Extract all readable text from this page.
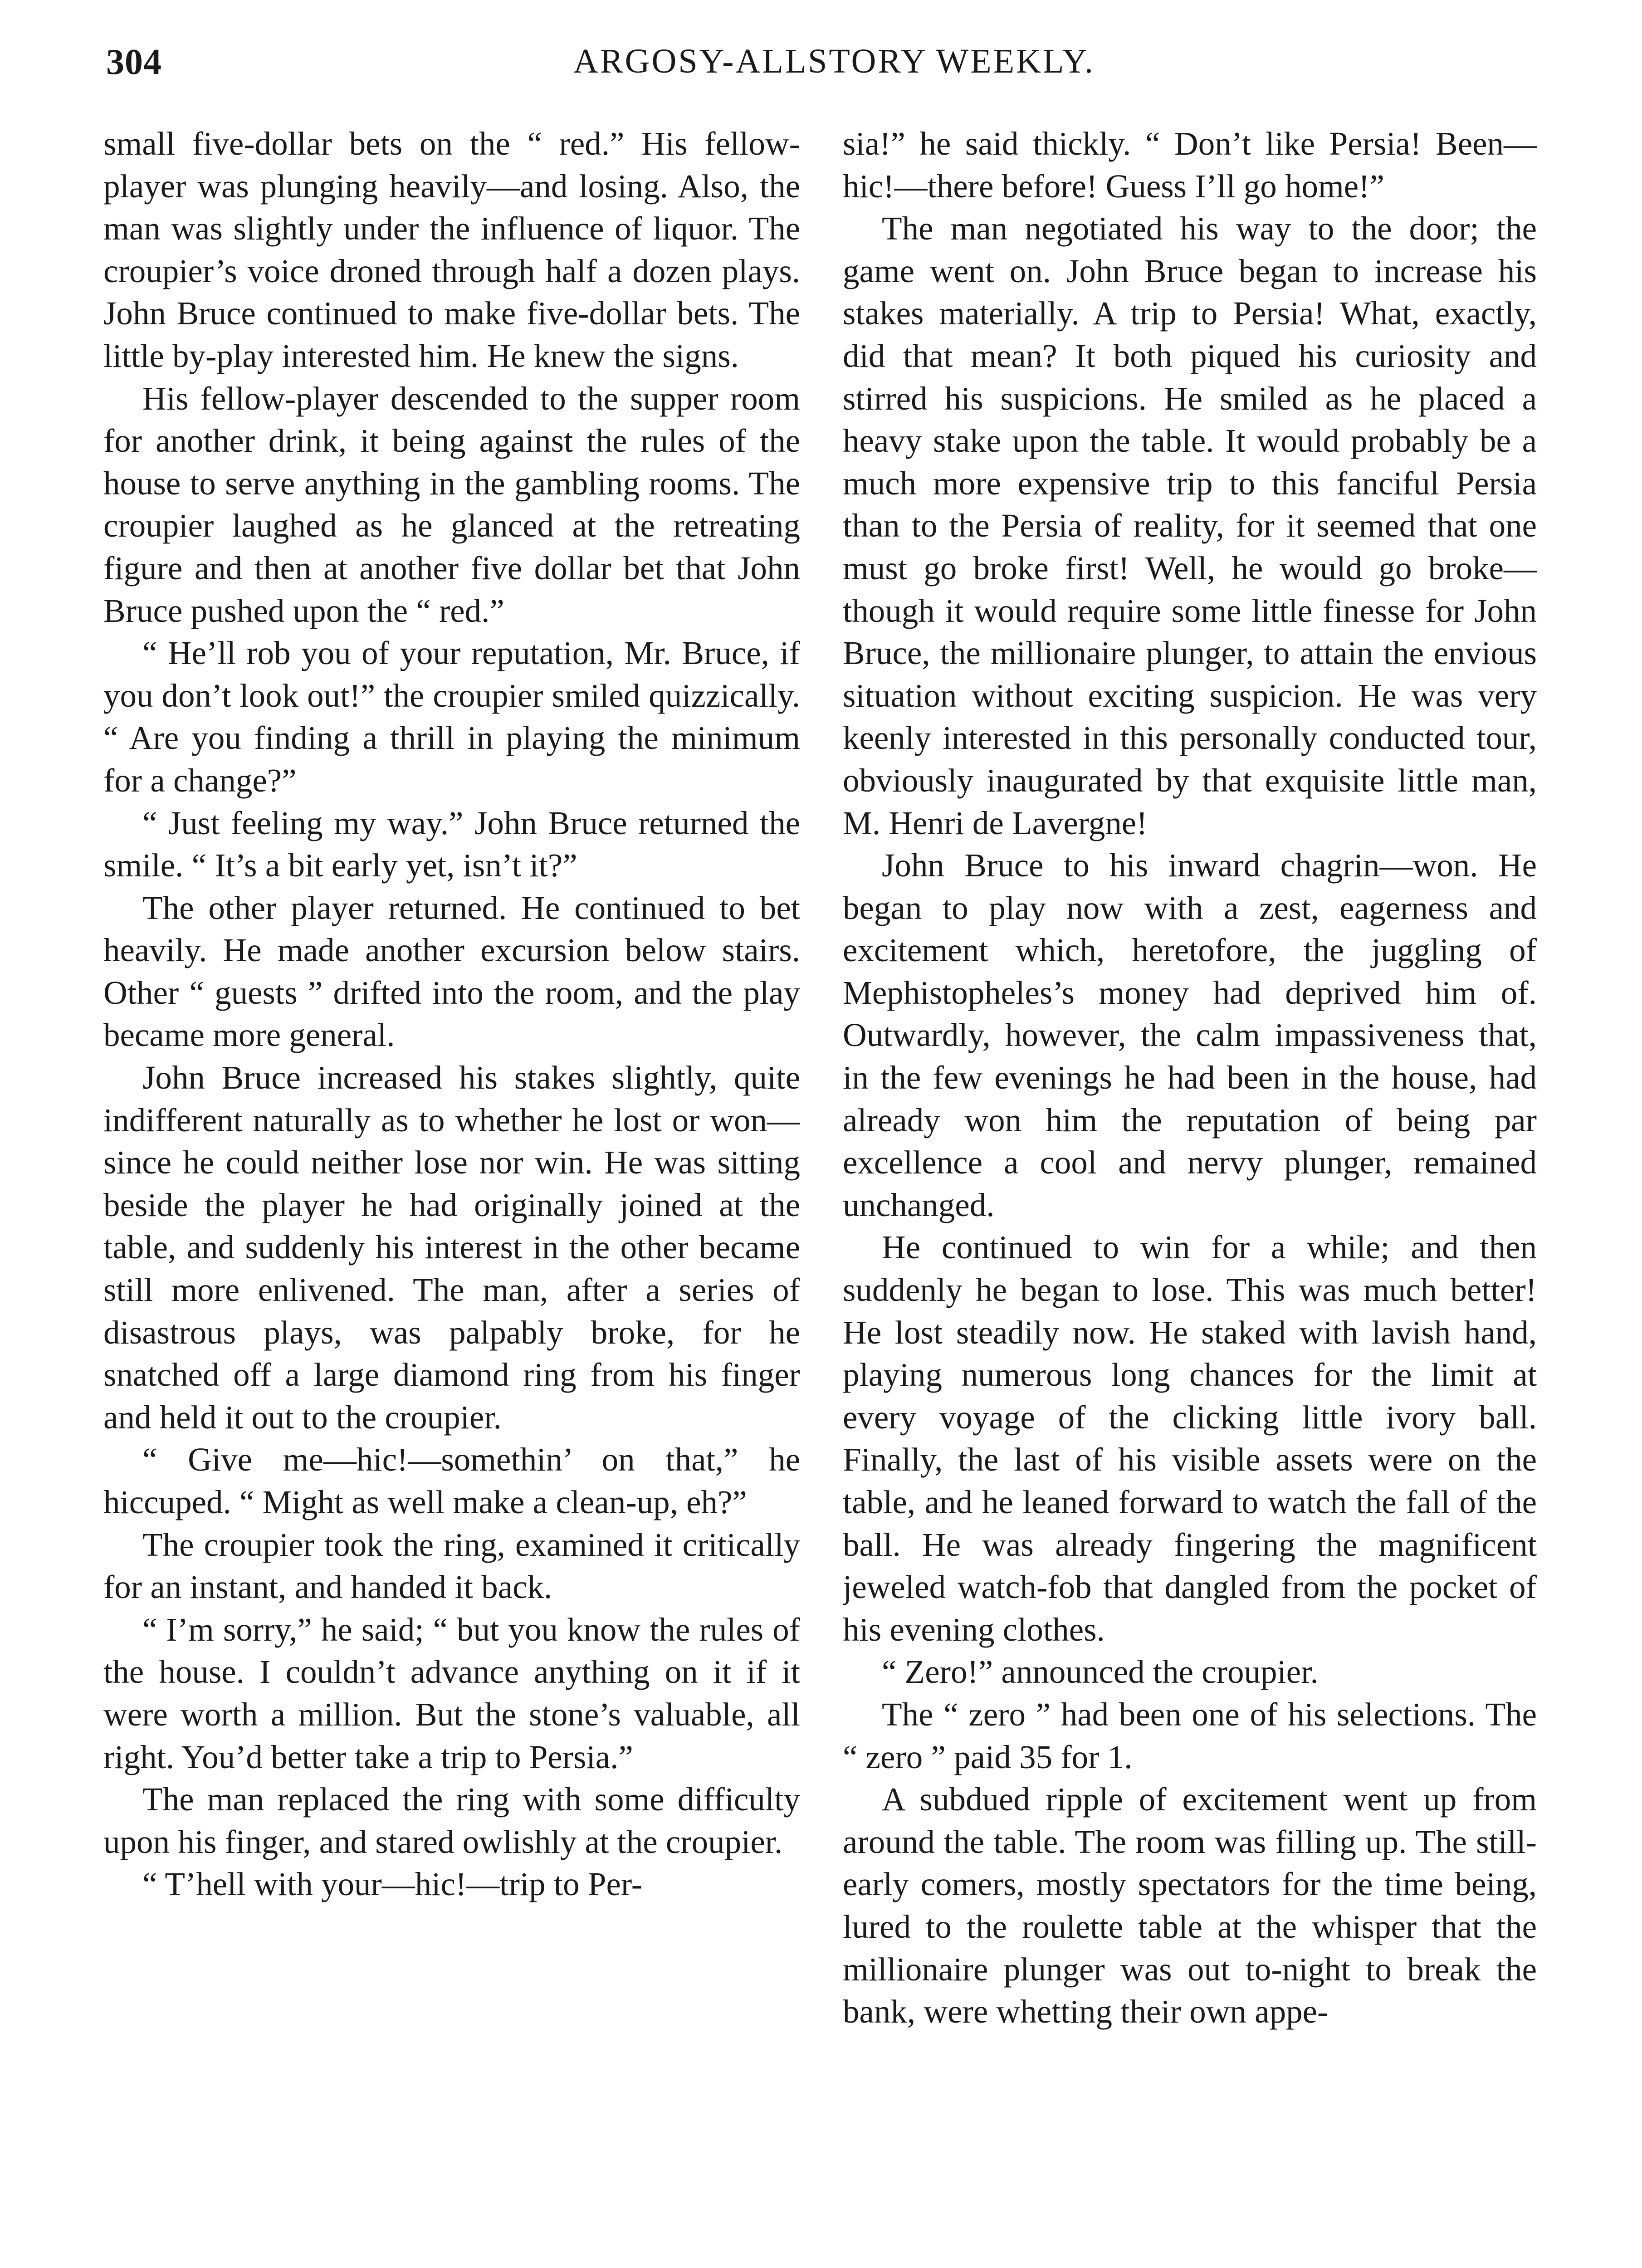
304	ARGOSY-ALLSTORY WEEKLY.

small five-dollar bets on the “ red.” His fellow-player was plunging heavily—and losing. Also, the man was slightly under the influence of liquor. The croupier’s voice droned through half a dozen plays. John Bruce continued to make five-dollar bets. The little by-play interested him. He knew the signs.

His fellow-player descended to the supper room for another drink, it being against the rules of the house to serve anything in the gambling rooms. The croupier laughed as he glanced at the retreating figure and then at another five dollar bet that John Bruce pushed upon the “ red.”

“ He’ll rob you of your reputation, Mr. Bruce, if you don’t look out!” the croupier smiled quizzically. “ Are you finding a thrill in playing the minimum for a change?”

“ Just feeling my way.” John Bruce returned the smile. “ It’s a bit early yet, isn’t it?”

The other player returned. He continued to bet heavily. He made another excursion below stairs. Other “ guests ” drifted into the room, and the play became more general.

John Bruce increased his stakes slightly, quite indifferent naturally as to whether he lost or won—since he could neither lose nor win. He was sitting beside the player he had originally joined at the table, and suddenly his interest in the other became still more enlivened. The man, after a series of disastrous plays, was palpably broke, for he snatched off a large diamond ring from his finger and held it out to the croupier.

“ Give me—hic!—somethin’ on that,” he hiccuped. “ Might as well make a clean-up, eh?”

The croupier took the ring, examined it critically for an instant, and handed it back.

“ I’m sorry,” he said; “ but you know the rules of the house. I couldn’t advance anything on it if it were worth a million. But the stone’s valuable, all right. You’d better take a trip to Persia.”

The man replaced the ring with some difficulty upon his finger, and stared owlishly at the croupier.

“ T’hell with your—hic!—trip to Per-

sia!” he said thickly. “ Don’t like Persia! Been—hic!—there before! Guess I’ll go home!”

The man negotiated his way to the door; the game went on. John Bruce began to increase his stakes materially. A trip to Persia! What, exactly, did that mean? It both piqued his curiosity and stirred his suspicions. He smiled as he placed a heavy stake upon the table. It would probably be a much more expensive trip to this fanciful Persia than to the Persia of reality, for it seemed that one must go broke first! Well, he would go broke—though it would require some little finesse for John Bruce, the millionaire plunger, to attain the envious situation without exciting suspicion. He was very keenly interested in this personally conducted tour, obviously inaugurated by that exquisite little man, M. Henri de Lavergne!

John Bruce to his inward chagrin—won. He began to play now with a zest, eagerness and excitement which, heretofore, the juggling of Mephistopheles’s money had deprived him of. Outwardly, however, the calm impassiveness that, in the few evenings he had been in the house, had already won him the reputation of being par excellence a cool and nervy plunger, remained unchanged.

He continued to win for a while; and then suddenly he began to lose. This was much better! He lost steadily now. He staked with lavish hand, playing numerous long chances for the limit at every voyage of the clicking little ivory ball. Finally, the last of his visible assets were on the table, and he leaned forward to watch the fall of the ball. He was already fingering the magnificent jeweled watch-fob that dangled from the pocket of his evening clothes.

“ Zero!” announced the croupier.

The “ zero ” had been one of his selections. The “ zero ” paid 35 for 1.

A subdued ripple of excitement went up from around the table. The room was filling up. The still-early comers, mostly spectators for the time being, lured to the roulette table at the whisper that the millionaire plunger was out to-night to break the bank, were whetting their own appe-
